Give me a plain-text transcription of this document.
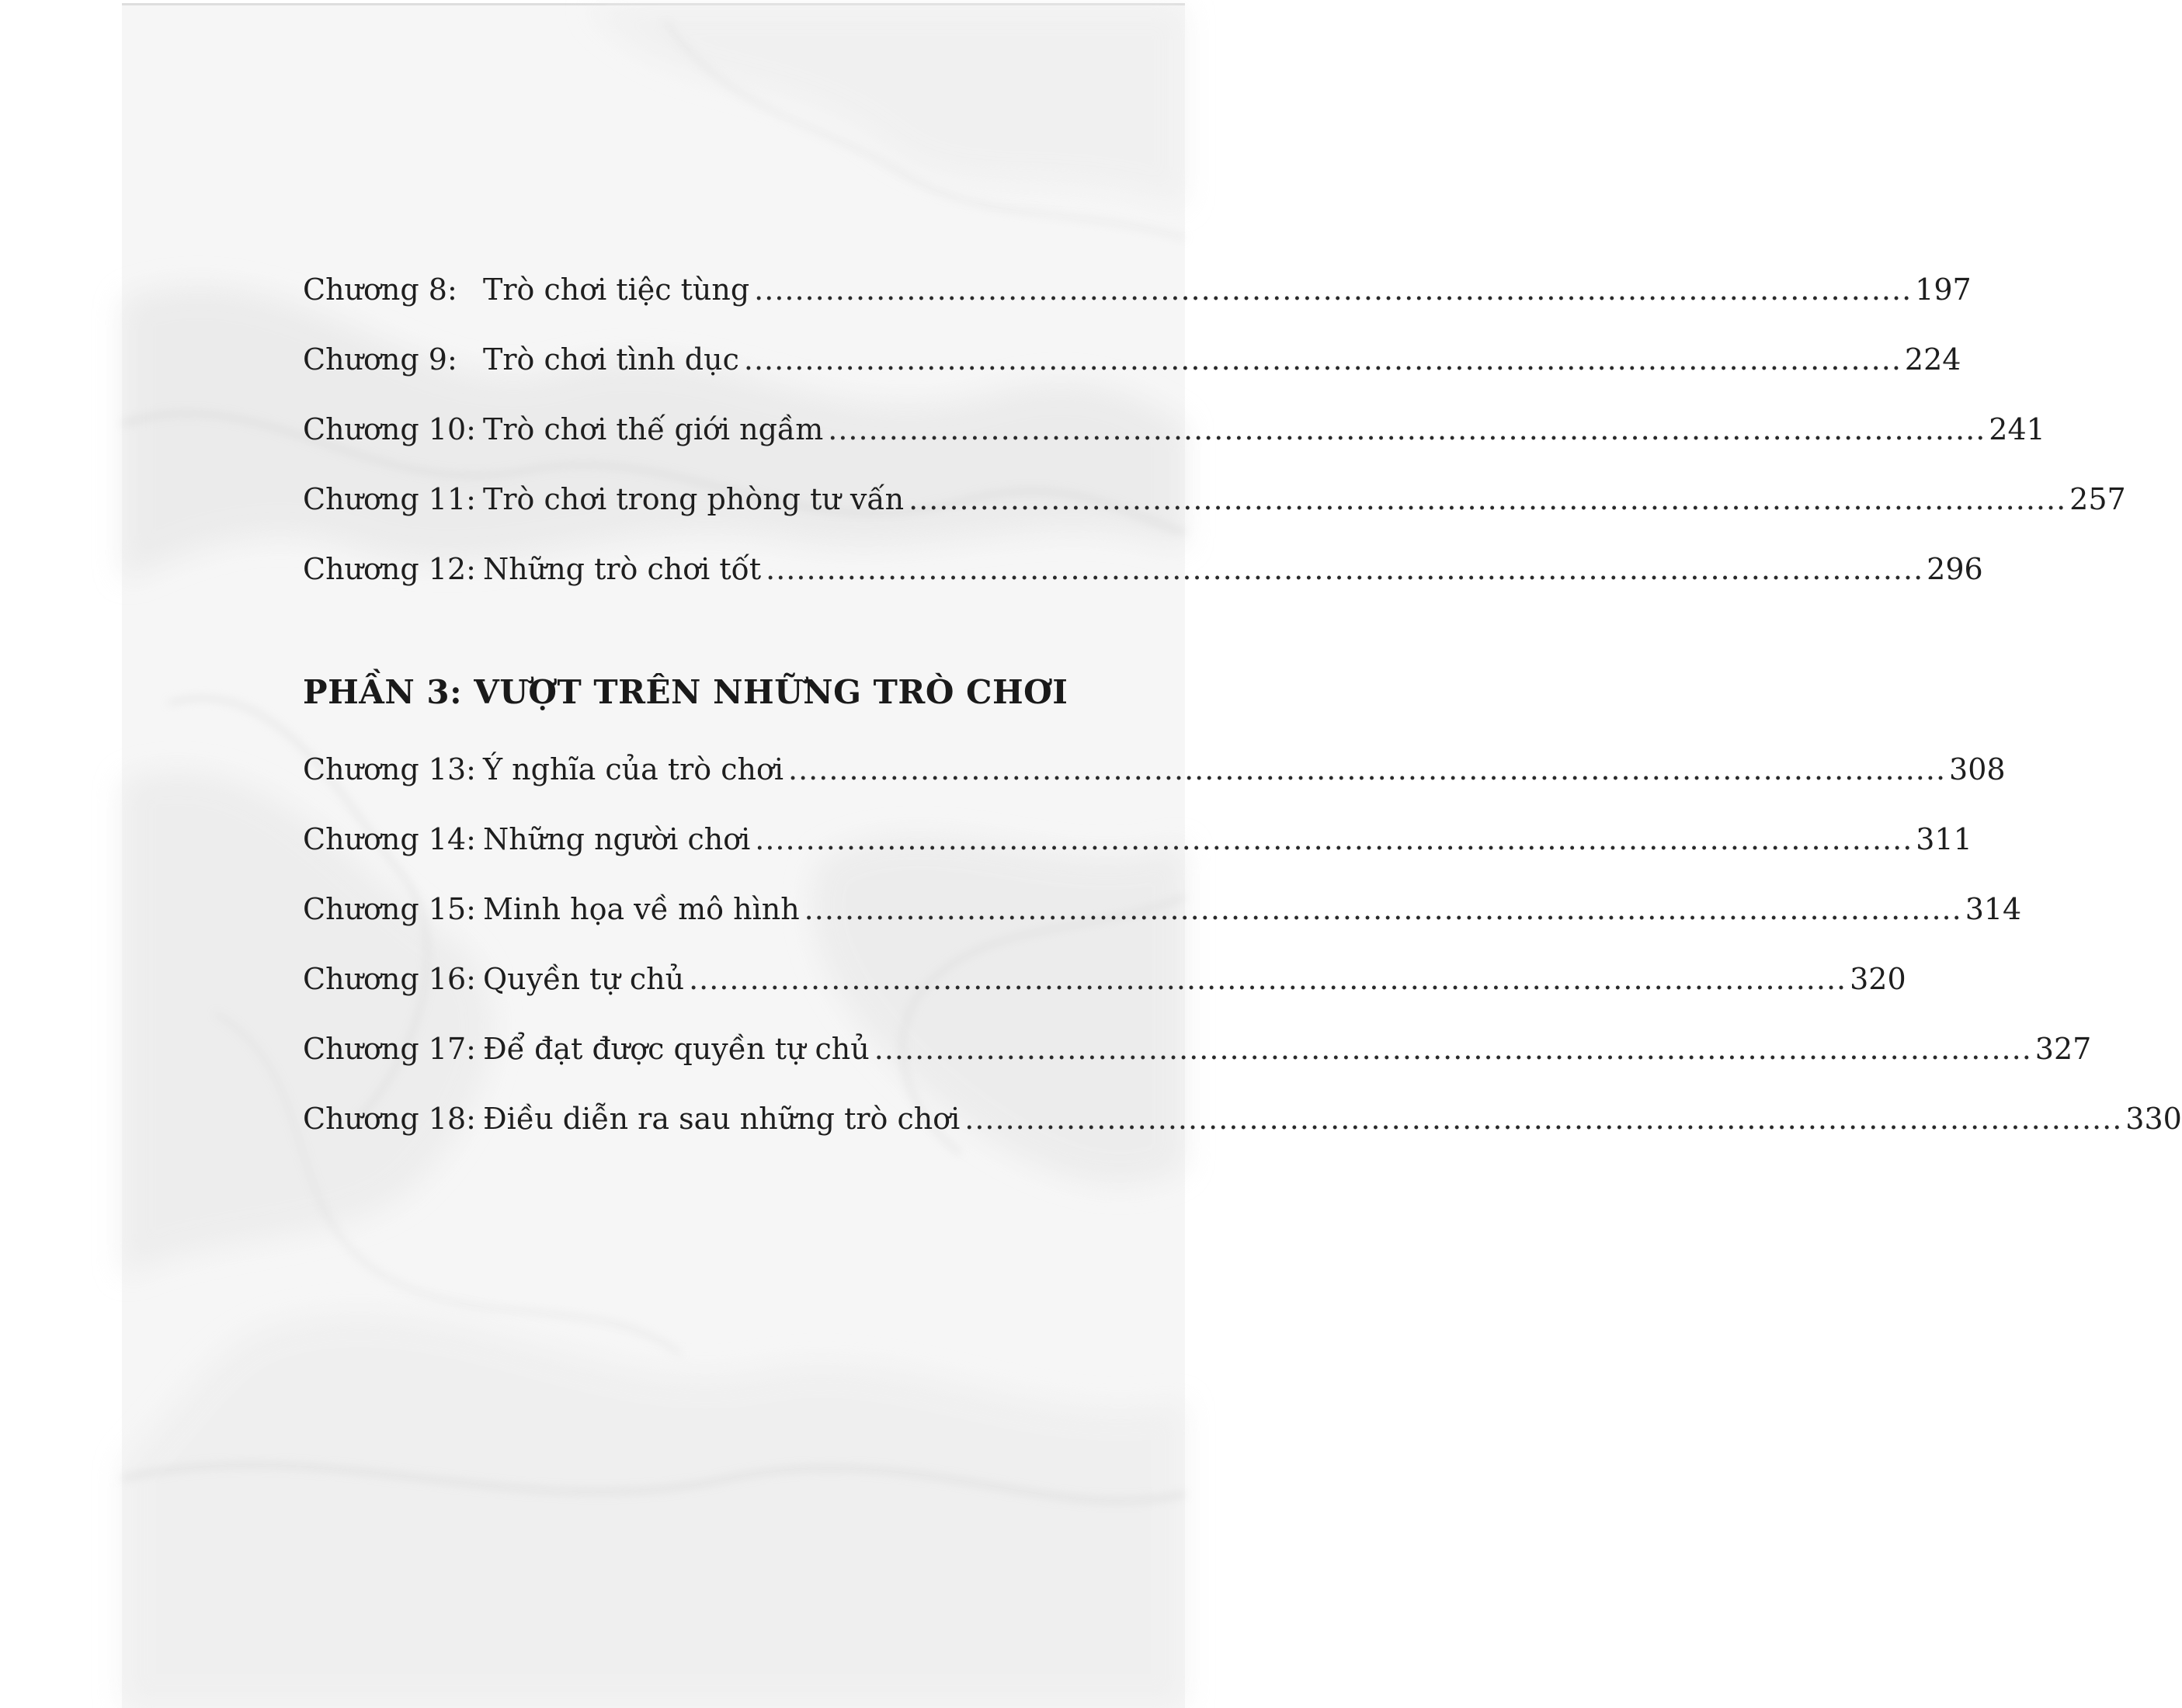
Chương 8: Trò chơi tiệc tùng .................................................................................................................. 197
Chương 9: Trò chơi tình dục .................................................................................................................. 224
Chương 10: Trò chơi thế giới ngầm .................................................................................................................. 241
Chương 11: Trò chơi trong phòng tư vấn .................................................................................................................. 257
Chương 12: Những trò chơi tốt .................................................................................................................. 296
Chương 13: Ý nghĩa của trò chơi .................................................................................................................. 308
Chương 14: Những người chơi .................................................................................................................. 311
Chương 15: Minh họa về mô hình .................................................................................................................. 314
Chương 16: Quyền tự chủ .................................................................................................................. 320
Chương 17: Để đạt được quyền tự chủ .................................................................................................................. 327
Chương 18: Điều diễn ra sau những trò chơi .................................................................................................................. 330
PHẦN 3: VƯỢT TRÊN NHỮNG TRÒ CHƠI
